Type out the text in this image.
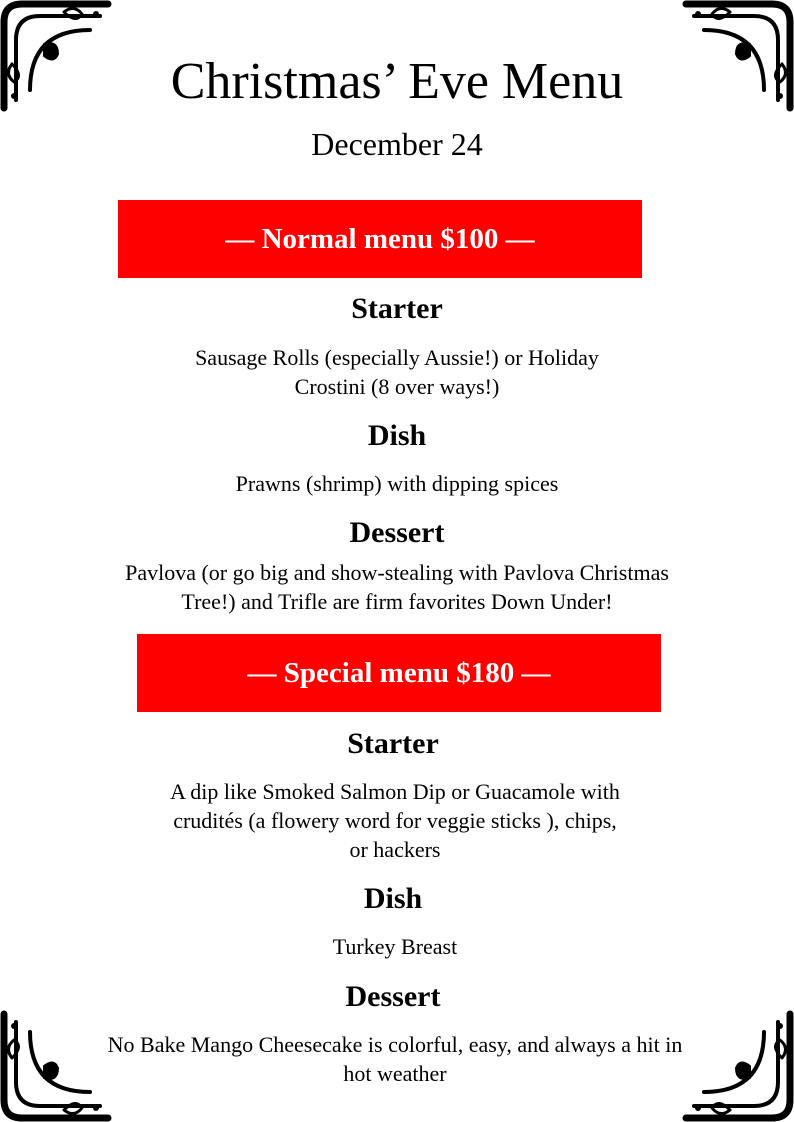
Christmas’ Eve Menu
December 24
— Normal menu $100 —
Starter
Sausage Rolls (especially Aussie!) or Holiday
Crostini (8 over ways!)
Dish
Prawns (shrimp) with dipping spices
Dessert
Pavlova (or go big and show-stealing with Pavlova Christmas
Tree!) and Trifle are firm favorites Down Under!
— Special menu $180 —
Starter
A dip like Smoked Salmon Dip or Guacamole with
crudités (a flowery word for veggie sticks ), chips,
or hackers
Dish
Turkey Breast
Dessert
No Bake Mango Cheesecake is colorful, easy, and always a hit in
hot weather
